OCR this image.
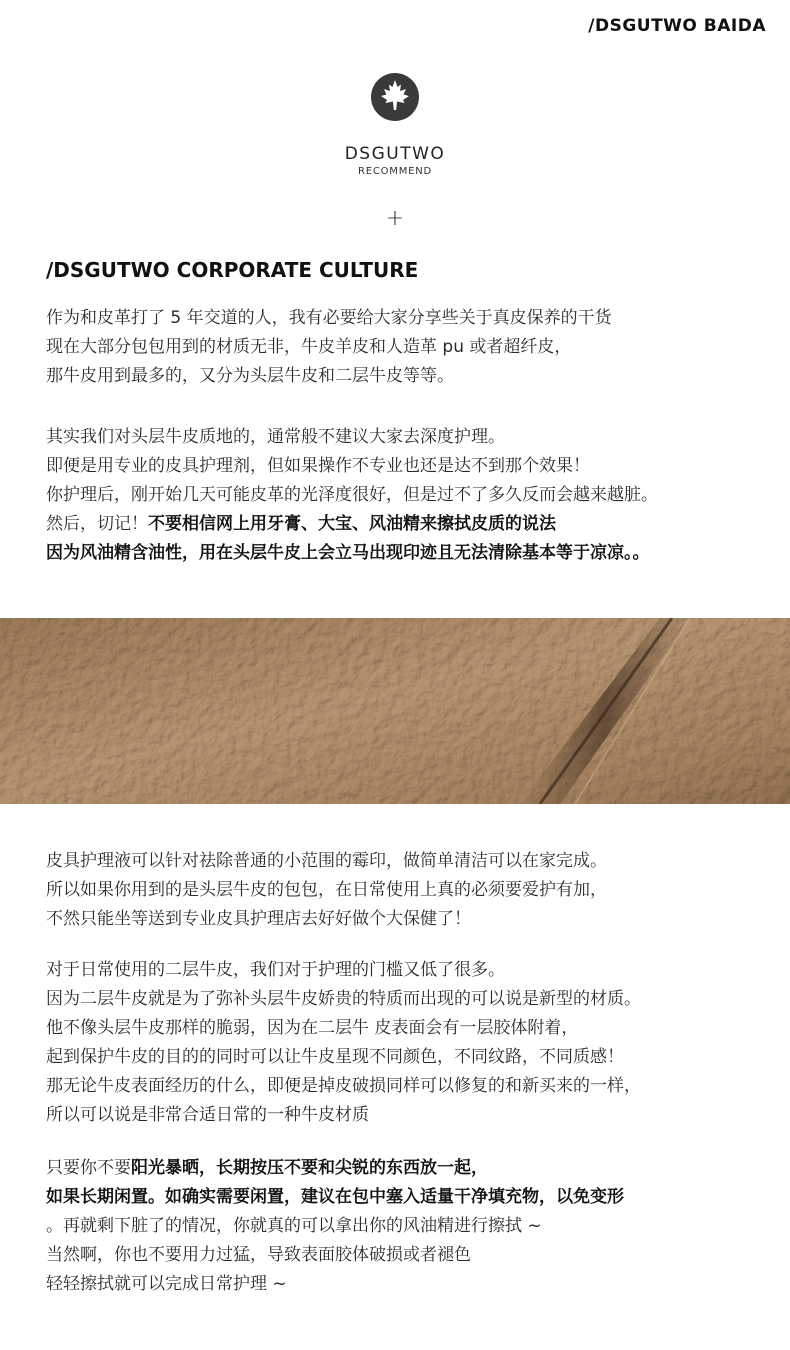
/DSGUTWO BAIDA
DSGUTWO
RECOMMEND
+
/DSGUTWO CORPORATE CULTURE
作为和皮革打了 5 年交道的人，我有必要给大家分享些关于真皮保养的干货
现在大部分包包用到的材质无非，牛皮羊皮和人造革 pu 或者超纤皮，
那牛皮用到最多的，又分为头层牛皮和二层牛皮等等。
其实我们对头层牛皮质地的，通常般不建议大家去深度护理。
即便是用专业的皮具护理剂，但如果操作不专业也还是达不到那个效果！
你护理后，刚开始几天可能皮革的光泽度很好，但是过不了多久反而会越来越脏。
然后，切记！不要相信网上用牙膏、大宝、风油精来擦拭皮质的说法
因为风油精含油性，用在头层牛皮上会立马出现印迹且无法清除基本等于凉凉。。
皮具护理液可以针对祛除普通的小范围的霉印，做简单清洁可以在家完成。
所以如果你用到的是头层牛皮的包包，在日常使用上真的必须要爱护有加，
不然只能坐等送到专业皮具护理店去好好做个大保健了！
对于日常使用的二层牛皮，我们对于护理的门槛又低了很多。
因为二层牛皮就是为了弥补头层牛皮娇贵的特质而出现的可以说是新型的材质。
他不像头层牛皮那样的脆弱，因为在二层牛 皮表面会有一层胶体附着，
起到保护牛皮的目的的同时可以让牛皮星现不同颜色，不同纹路，不同质感！
那无论牛皮表面经历的什么，即便是掉皮破损同样可以修复的和新买来的一样，
所以可以说是非常合适日常的一种牛皮材质
只要你不要阳光暴晒，长期按压不要和尖锐的东西放一起，
如果长期闲置。如确实需要闲置，建议在包中塞入适量干净填充物，以免变形
。再就剩下脏了的情况，你就真的可以拿出你的风油精进行擦拭 ~
当然啊，你也不要用力过猛，导致表面胶体破损或者褪色
轻轻擦拭就可以完成日常护理 ~
